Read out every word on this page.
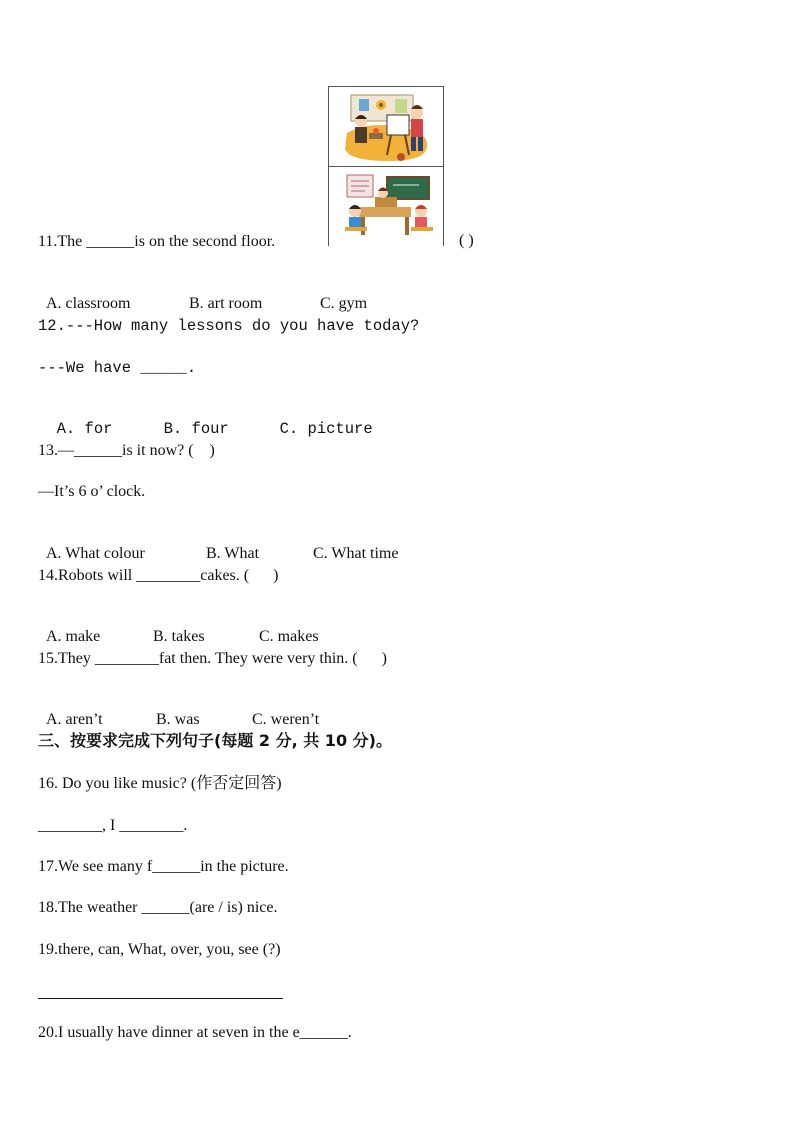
11.The ______is on the second floor.	( )

A. classroom	B. art room	C. gym

12.---How many lessons do you have today?
---We have _____.

A. for	B. four	C. picture

13.—______is it now? (    )
—It’s 6 o’ clock.

A. What colour	B. What	C. What time

14.Robots will ________cakes. (      )

A. make	B. takes	C. makes

15.They ________fat then. They were very thin. (      )

A. aren’t	B. was	C. weren’t

三、按要求完成下列句子(每题 2 分, 共 10 分)。
16. Do you like music? (作否定回答)
________, I ________.
17.We see many f______in the picture.
18.The weather ______(are / is) nice.
19.there, can, What, over, you, see (?)
20.I usually have dinner at seven in the e______.
